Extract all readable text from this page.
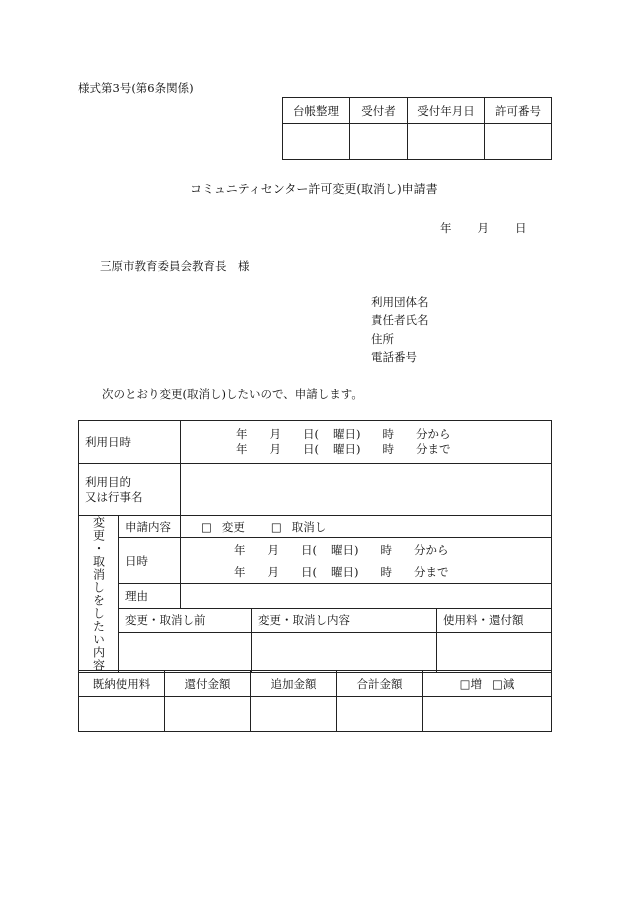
様式第3号(第6条関係)
台帳整理	受付者	受付年月日	許可番号

コミュニティセンター許可変更(取消し)申請書
年 月 日
三原市教育委員会教育長　様
利用団体名
責任者氏名
住所
電話番号
次のとおり変更(取消し)したいので、申請します。
利用日時		年 月 日( 曜日) 時 分から
年 月 日( 曜日) 時 分まで		

利用目的
又は行事名				

変更・取消しをしたい内容	申請内容	□ 変更 □ 取消し		
	日時	年 月 日( 曜日) 時 分から
年 月 日( 曜日) 時 分まで		

	理由			
	変更・取消し前		変更・取消し内容	使用料・還付額

既納使用料	還付金額	追加金額	合計金額	□増 □減
